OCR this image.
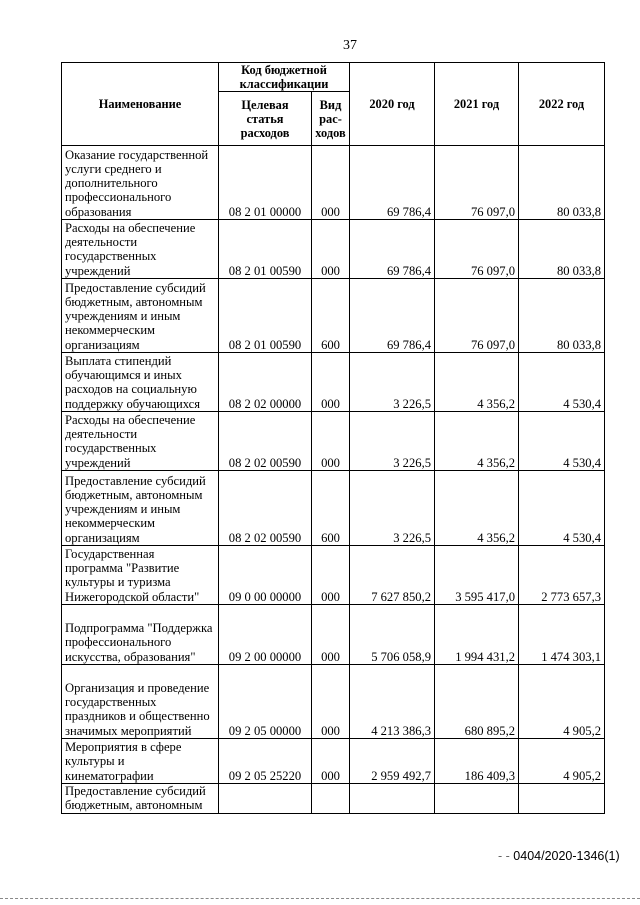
37
Наименование	Код бюджетной классификации		2020 год	2021 год	2022 год
	Целевая статья расходов	Вид рас-ходов			
Оказание государственной услуги среднего и дополнительного профессионального образования	08 2 01 00000	000	69 786,4	76 097,0	80 033,8
Расходы на обеспечение деятельности государственных учреждений	08 2 01 00590	000	69 786,4	76 097,0	80 033,8
Предоставление субсидий бюджетным, автономным учреждениям и иным некоммерческим организациям	08 2 01 00590	600	69 786,4	76 097,0	80 033,8
Выплата стипендий обучающимся и иных расходов на социальную поддержку обучающихся	08 2 02 00000	000	3 226,5	4 356,2	4 530,4
Расходы на обеспечение деятельности государственных учреждений	08 2 02 00590	000	3 226,5	4 356,2	4 530,4
Предоставление субсидий бюджетным, автономным учреждениям и иным некоммерческим организациям	08 2 02 00590	600	3 226,5	4 356,2	4 530,4
Государственная программа "Развитие культуры и туризма Нижегородской области"	09 0 00 00000	000	7 627 850,2	3 595 417,0	2 773 657,3
Подпрограмма "Поддержка профессионального искусства, образования"	09 2 00 00000	000	5 706 058,9	1 994 431,2	1 474 303,1
Организация и проведение государственных праздников и общественно значимых мероприятий	09 2 05 00000	000	4 213 386,3	680 895,2	4 905,2
Мероприятия в сфере культуры и кинематографии	09 2 05 25220	000	2 959 492,7	186 409,3	4 905,2
Предоставление субсидий бюджетным, автономным					
- - 0404/2020-1346(1)
